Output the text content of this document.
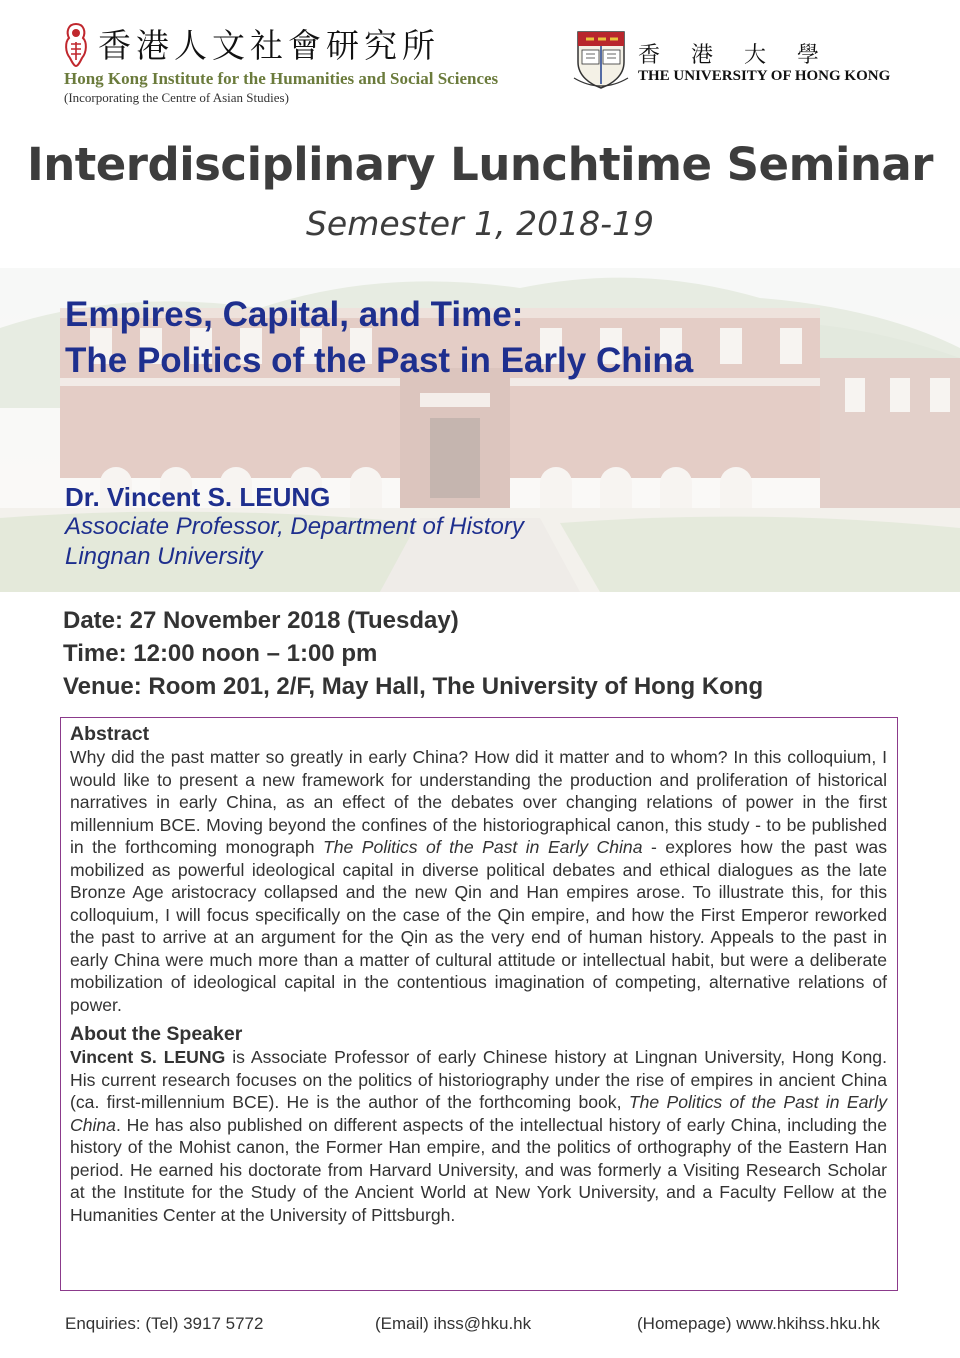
香港人文社會研究所
Hong Kong Institute for the Humanities and Social Sciences
(Incorporating the Centre of Asian Studies)
香 港 大 學
THE UNIVERSITY OF HONG KONG
Interdisciplinary Lunchtime Seminar
Semester 1, 2018-19
Empires, Capital, and Time:
The Politics of the Past in Early China
Dr. Vincent S. LEUNG
Associate Professor, Department of History
Lingnan University
Date: 27 November 2018 (Tuesday)
Time: 12:00 noon – 1:00 pm
Venue: Room 201, 2/F, May Hall, The University of Hong Kong
Abstract
Why did the past matter so greatly in early China? How did it matter and to whom? In this colloquium, I would like to present a new framework for understanding the production and proliferation of historical narratives in early China, as an effect of the debates over changing relations of power in the first millennium BCE. Moving beyond the confines of the historiographical canon, this study - to be published in the forthcoming monograph The Politics of the Past in Early China - explores how the past was mobilized as powerful ideological capital in diverse political debates and ethical dialogues as the late Bronze Age aristocracy collapsed and the new Qin and Han empires arose. To illustrate this, for this colloquium, I will focus specifically on the case of the Qin empire, and how the First Emperor reworked the past to arrive at an argument for the Qin as the very end of human history. Appeals to the past in early China were much more than a matter of cultural attitude or intellectual habit, but were a deliberate mobilization of ideological capital in the contentious imagination of competing, alternative relations of power.
About the Speaker
Vincent S. LEUNG is Associate Professor of early Chinese history at Lingnan University, Hong Kong. His current research focuses on the politics of historiography under the rise of empires in ancient China (ca. first-millennium BCE). He is the author of the forthcoming book, The Politics of the Past in Early China. He has also published on different aspects of the intellectual history of early China, including the history of the Mohist canon, the Former Han empire, and the politics of orthography of the Eastern Han period. He earned his doctorate from Harvard University, and was formerly a Visiting Research Scholar at the Institute for the Study of the Ancient World at New York University, and a Faculty Fellow at the Humanities Center at the University of Pittsburgh.
Enquiries: (Tel) 3917 5772	(Email) ihss@hku.hk	(Homepage) www.hkihss.hku.hk
